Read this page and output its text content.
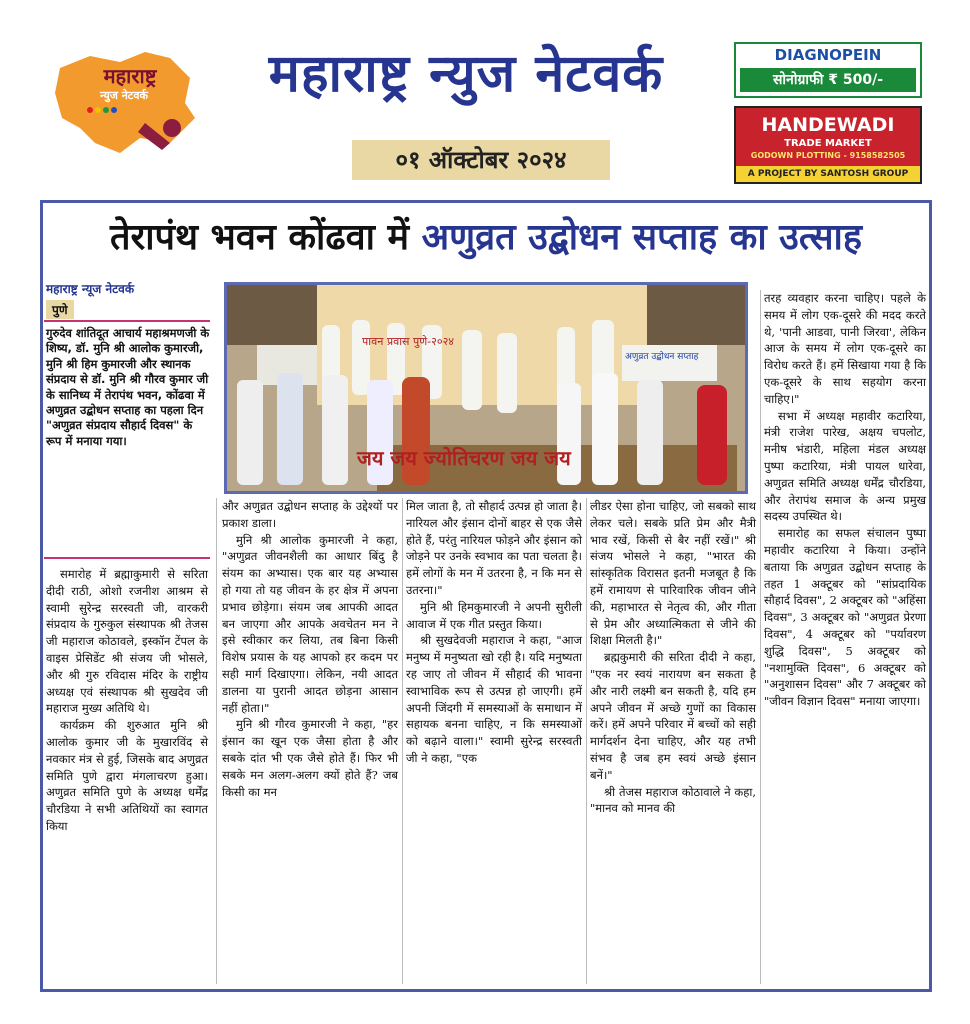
महाराष्ट्र
न्युज नेटवर्क	महाराष्ट्र न्युज नेटवर्क
०१ ऑक्टोबर २०२४
DIAGNOPEIN
सोनोग्राफी ₹ 500/-
HANDEWADI
TRADE MARKET
GODOWN PLOTTING - 9158582505
A PROJECT BY SANTOSH GROUP
तेरापंथ भवन कोंढवा में अणुव्रत उद्बोधन सप्ताह का उत्साह
महाराष्ट्र न्यूज नेटवर्क
पुणे
गुरुदेव शांतिदूत आचार्य महाश्रमणजी के शिष्य, डॉ. मुनि श्री आलोक कुमारजी, मुनि श्री हिम कुमारजी और स्थानक संप्रदाय से डॉ. मुनि श्री गौरव कुमार जी के सानिध्य में तेरापंथ भवन, कोंढवा में अणुव्रत उद्बोधन सप्ताह का पहला दिन "अणुव्रत संप्रदाय सौहार्द दिवस" के रूप में मनाया गया।
पावन प्रवास पुणे-२०२४
जय जय ज्योतिचरण जय जय
अणुव्रत उद्बोधन सप्ताह

समारोह में ब्रह्माकुमारी से सरिता दीदी राठी, ओशो रजनीश आश्रम से स्वामी सुरेन्द्र सरस्वती जी, वारकरी संप्रदाय के गुरुकुल संस्थापक श्री तेजस जी महाराज कोठावले, इस्कॉन टेंपल के वाइस प्रेसिडेंट श्री संजय जी भोसले, और श्री गुरु रविदास मंदिर के राष्ट्रीय अध्यक्ष एवं संस्थापक श्री सुखदेव जी महाराज मुख्य अतिथि थे।

कार्यक्रम की शुरुआत मुनि श्री आलोक कुमार जी के मुखारविंद से नवकार मंत्र से हुई, जिसके बाद अणुव्रत समिति पुणे द्वारा मंगलाचरण हुआ। अणुव्रत समिति पुणे के अध्यक्ष धर्मेंद्र चौरडिया ने सभी अतिथियों का स्वागत किया

और अणुव्रत उद्बोधन सप्ताह के उद्देश्यों पर प्रकाश डाला।

मुनि श्री आलोक कुमारजी ने कहा, "अणुव्रत जीवनशैली का आधार बिंदु है संयम का अभ्यास। एक बार यह अभ्यास हो गया तो यह जीवन के हर क्षेत्र में अपना प्रभाव छोड़ेगा। संयम जब आपकी आदत बन जाएगा और आपके अवचेतन मन ने इसे स्वीकार कर लिया, तब बिना किसी विशेष प्रयास के यह आपको हर कदम पर सही मार्ग दिखाएगा। लेकिन, नयी आदत डालना या पुरानी आदत छोड़ना आसान नहीं होता।"

मुनि श्री गौरव कुमारजी ने कहा, "हर इंसान का खून एक जैसा होता है और सबके दांत भी एक जैसे होते हैं। फिर भी सबके मन अलग-अलग क्यों होते हैं? जब किसी का मन

मिल जाता है, तो सौहार्द उत्पन्न हो जाता है। नारियल और इंसान दोनों बाहर से एक जैसे होते हैं, परंतु नारियल फोड़ने और इंसान को जोड़ने पर उनके स्वभाव का पता चलता है। हमें लोगों के मन में उतरना है, न कि मन से उतरना।"

मुनि श्री हिमकुमारजी ने अपनी सुरीली आवाज में एक गीत प्रस्तुत किया।

श्री सुखदेवजी महाराज ने कहा, "आज मनुष्य में मनुष्यता खो रही है। यदि मनुष्यता रह जाए तो जीवन में सौहार्द की भावना स्वाभाविक रूप से उत्पन्न हो जाएगी। हमें अपनी जिंदगी में समस्याओं के समाधान में सहायक बनना चाहिए, न कि समस्याओं को बढ़ाने वाला।" स्वामी सुरेन्द्र सरस्वती जी ने कहा, "एक

लीडर ऐसा होना चाहिए, जो सबको साथ लेकर चले। सबके प्रति प्रेम और मैत्री भाव रखें, किसी से बैर नहीं रखें।" श्री संजय भोसले ने कहा, "भारत की सांस्कृतिक विरासत इतनी मजबूत है कि हमें रामायण से पारिवारिक जीवन जीने की, महाभारत से नेतृत्व की, और गीता से प्रेम और अध्यात्मिकता से जीने की शिक्षा मिलती है।"

ब्रह्मकुमारी की सरिता दीदी ने कहा, "एक नर स्वयं नारायण बन सकता है और नारी लक्ष्मी बन सकती है, यदि हम अपने जीवन में अच्छे गुणों का विकास करें। हमें अपने परिवार में बच्चों को सही मार्गदर्शन देना चाहिए, और यह तभी संभव है जब हम स्वयं अच्छे इंसान बनें।"

श्री तेजस महाराज कोठावाले ने कहा, "मानव को मानव की

तरह व्यवहार करना चाहिए। पहले के समय में लोग एक-दूसरे की मदद करते थे, 'पानी आडवा, पानी जिरवा', लेकिन आज के समय में लोग एक-दूसरे का विरोध करते हैं। हमें सिखाया गया है कि एक-दूसरे के साथ सहयोग करना चाहिए।"

सभा में अध्यक्ष महावीर कटारिया, मंत्री राजेश पारेख, अक्षय चपलोट, मनीष भंडारी, महिला मंडल अध्यक्ष पुष्पा कटारिया, मंत्री पायल धारेवा, अणुव्रत समिति अध्यक्ष धर्मेंद्र चौरडिया, और तेरापंथ समाज के अन्य प्रमुख सदस्य उपस्थित थे।

समारोह का सफल संचालन पुष्पा महावीर कटारिया ने किया। उन्होंने बताया कि अणुव्रत उद्बोधन सप्ताह के तहत 1 अक्टूबर को "सांप्रदायिक सौहार्द दिवस", 2 अक्टूबर को "अहिंसा दिवस", 3 अक्टूबर को "अणुव्रत प्रेरणा दिवस", 4 अक्टूबर को "पर्यावरण शुद्धि दिवस", 5 अक्टूबर को "नशामुक्ति दिवस", 6 अक्टूबर को "अनुशासन दिवस" और 7 अक्टूबर को "जीवन विज्ञान दिवस" मनाया जाएगा।
